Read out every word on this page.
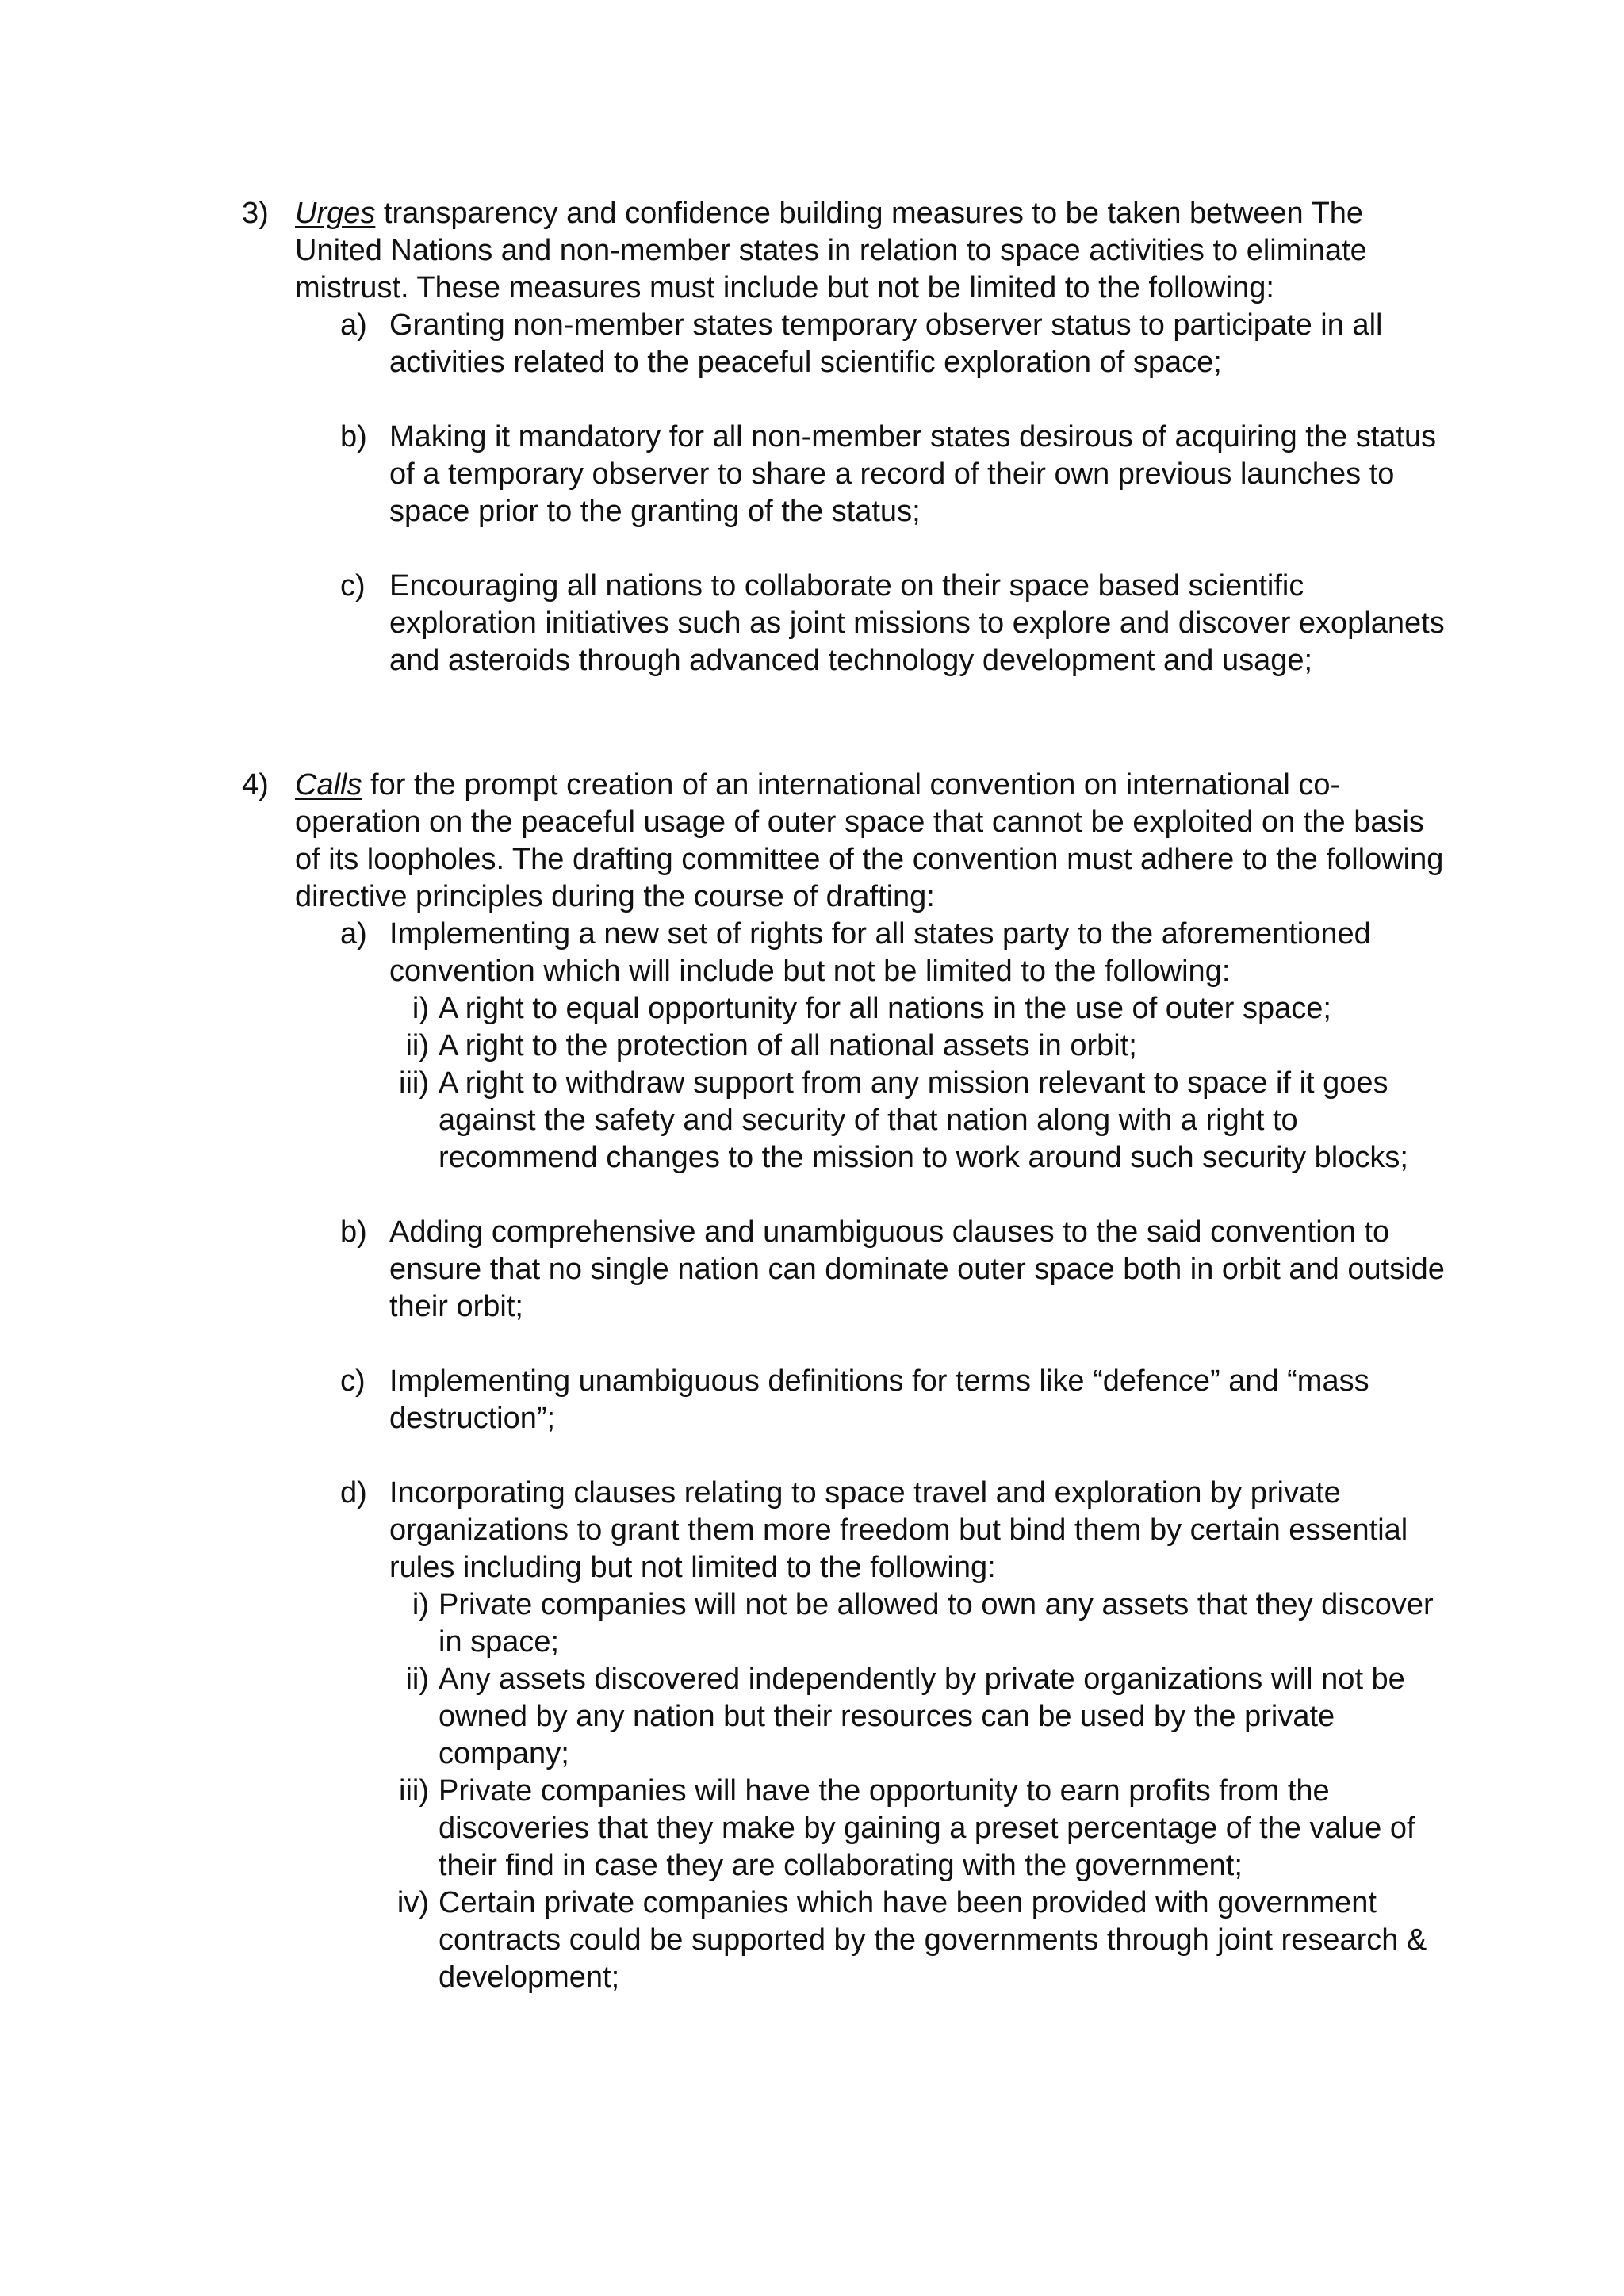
3) Urges transparency and confidence building measures to be taken between The United Nations and non-member states in relation to space activities to eliminate mistrust. These measures must include but not be limited to the following:
a) Granting non-member states temporary observer status to participate in all activities related to the peaceful scientific exploration of space;
b) Making it mandatory for all non-member states desirous of acquiring the status of a temporary observer to share a record of their own previous launches to space prior to the granting of the status;
c) Encouraging all nations to collaborate on their space based scientific exploration initiatives such as joint missions to explore and discover exoplanets and asteroids through advanced technology development and usage;
4) Calls for the prompt creation of an international convention on international co-operation on the peaceful usage of outer space that cannot be exploited on the basis of its loopholes. The drafting committee of the convention must adhere to the following directive principles during the course of drafting:
a) Implementing a new set of rights for all states party to the aforementioned convention which will include but not be limited to the following:
i) A right to equal opportunity for all nations in the use of outer space;
ii) A right to the protection of all national assets in orbit;
iii) A right to withdraw support from any mission relevant to space if it goes against the safety and security of that nation along with a right to recommend changes to the mission to work around such security blocks;
b) Adding comprehensive and unambiguous clauses to the said convention to ensure that no single nation can dominate outer space both in orbit and outside their orbit;
c) Implementing unambiguous definitions for terms like “defence” and “mass destruction”;
d) Incorporating clauses relating to space travel and exploration by private organizations to grant them more freedom but bind them by certain essential rules including but not limited to the following:
i) Private companies will not be allowed to own any assets that they discover in space;
ii) Any assets discovered independently by private organizations will not be owned by any nation but their resources can be used by the private company;
iii) Private companies will have the opportunity to earn profits from the discoveries that they make by gaining a preset percentage of the value of their find in case they are collaborating with the government;
iv) Certain private companies which have been provided with government contracts could be supported by the governments through joint research & development;
